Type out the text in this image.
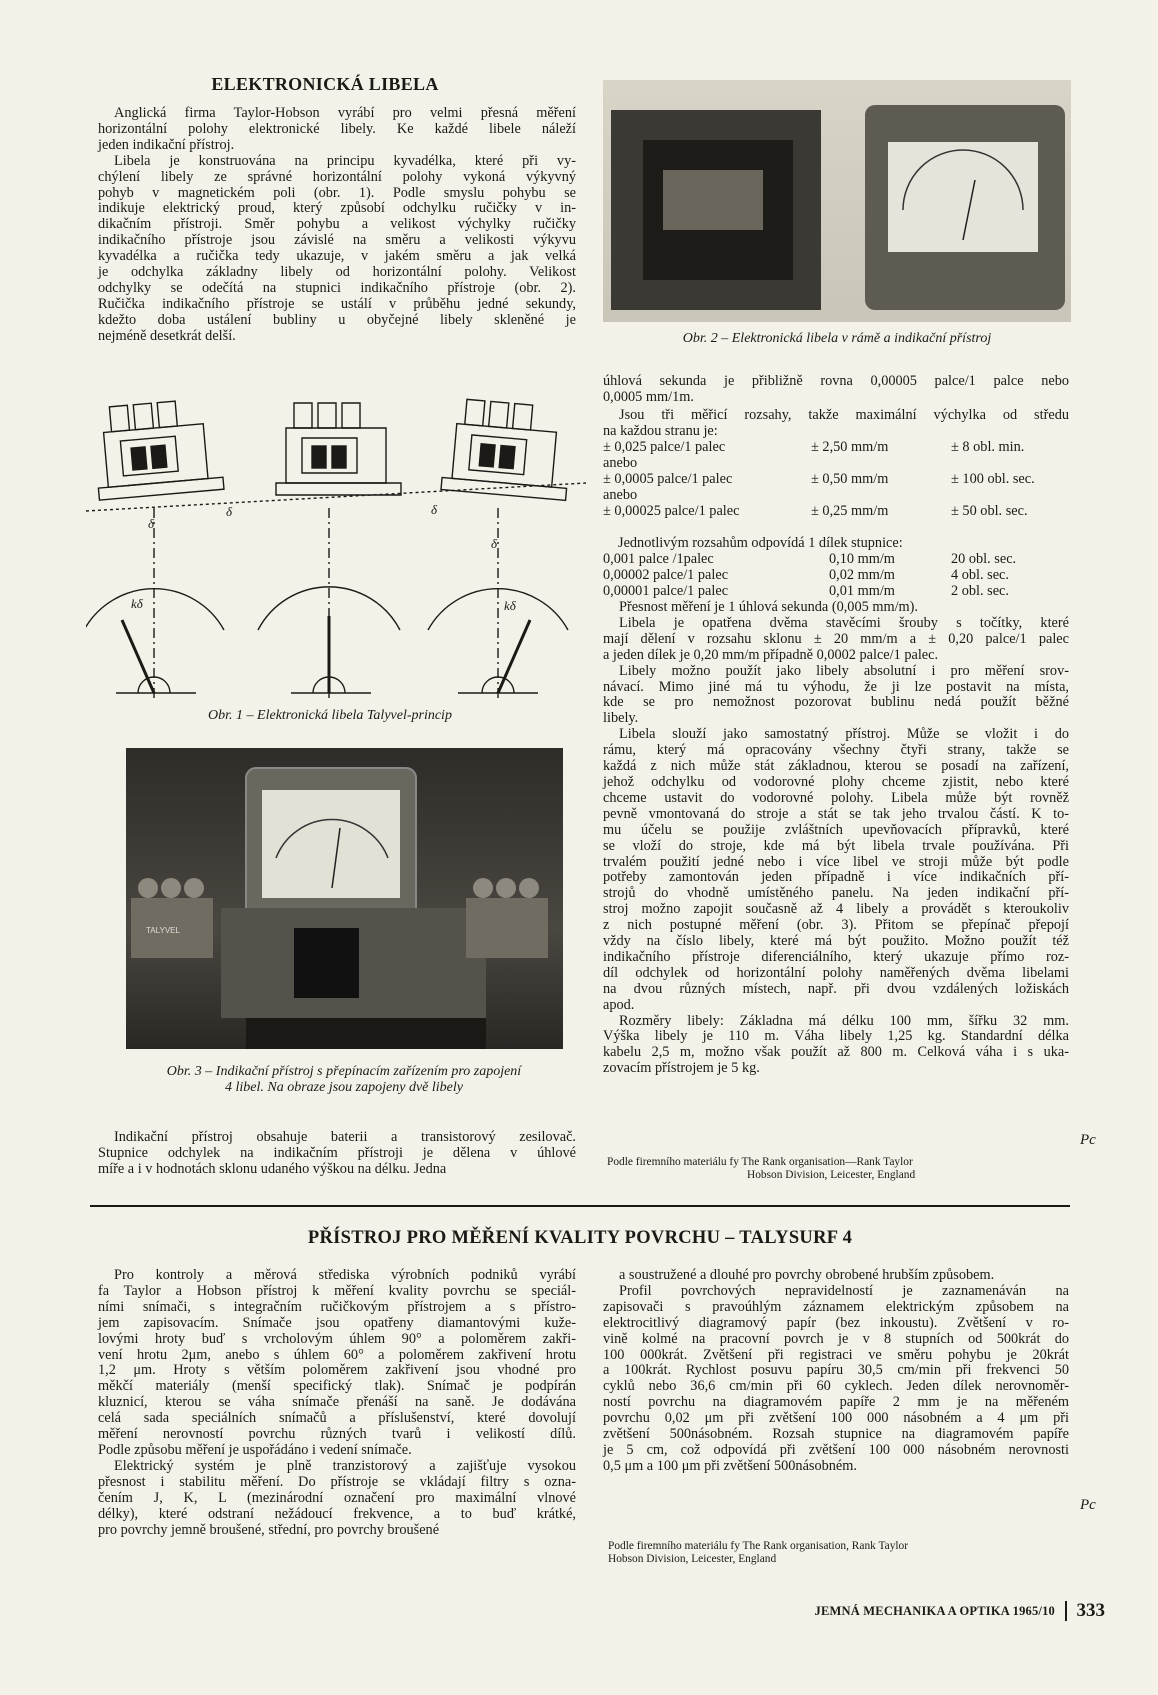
ELEKTRONICKÁ LIBELA
Anglická firma Taylor-Hobson vyrábí pro velmi přesná měření
horizontální polohy elektronické libely. Ke každé libele náleží
jeden indikační přístroj.
Libela je konstruována na principu kyvadélka, které při vy-
chýlení libely ze správné horizontální polohy vykoná výkyvný
pohyb v magnetickém poli (obr. 1). Podle smyslu pohybu se
indikuje elektrický proud, který způsobí odchylku ručičky v in-
dikačním přístroji. Směr pohybu a velikost výchylky ručičky
indikačního přístroje jsou závislé na směru a velikosti výkyvu
kyvadélka a ručička tedy ukazuje, v jakém směru a jak velká
je odchylka základny libely od horizontální polohy. Velikost
odchylky se odečítá na stupnici indikačního přístroje (obr. 2).
Ručička indikačního přístroje se ustálí v průběhu jedné sekundy,
kdežto doba ustálení bubliny u obyčejné libely skleněné je
nejméně desetkrát delší.
δ
δ
δ
δ
kδ	kδ
Obr. 1 – Elektronická libela Talyvel-princip
TALYVEL
Obr. 3 – Indikační přístroj s přepínacím zařízením pro zapojení
4 libel. Na obraze jsou zapojeny dvě libely
Indikační přístroj obsahuje baterii a transistorový zesilovač.
Stupnice odchylek na indikačním přístroji je dělena v úhlové
míře a i v hodnotách sklonu udaného výškou na délku. Jedna
Obr. 2 – Elektronická libela v rámě a indikační přístroj
úhlová sekunda je přibližně rovna 0,00005 palce/1 palce nebo
0,0005 mm/1m.
Jsou tři měřicí rozsahy, takže maximální výchylka od středu
na každou stranu je:
± 0,025 palce/1 palec	± 2,50 mm/m	± 8 obl. min.
anebo		
± 0,0005 palce/1 palec	± 0,50 mm/m	± 100 obl. sec.
anebo		
± 0,00025 palce/1 palec	± 0,25 mm/m	± 50 obl. sec.
Jednotlivým rozsahům odpovídá 1 dílek stupnice:
0,001 palce /1palec	0,10 mm/m	20 obl. sec.
0,00002 palce/1 palec	0,02 mm/m	4 obl. sec.
0,00001 palce/1 palec	0,01 mm/m	2 obl. sec.
Přesnost měření je 1 úhlová sekunda (0,005 mm/m).
Libela je opatřena dvěma stavěcími šrouby s točítky, které
mají dělení v rozsahu sklonu ± 20 mm/m a ± 0,20 palce/1 palec
a jeden dílek je 0,20 mm/m případně 0,0002 palce/1 palec.
Libely možno použít jako libely absolutní i pro měření srov-
návací. Mimo jiné má tu výhodu, že ji lze postavit na místa,
kde se pro nemožnost pozorovat bublinu nedá použít běžné
libely.
Libela slouží jako samostatný přístroj. Může se vložit i do
rámu, který má opracovány všechny čtyři strany, takže se
každá z nich může stát základnou, kterou se posadí na zařízení,
jehož odchylku od vodorovné plohy chceme zjistit, nebo které
chceme ustavit do vodorovné polohy. Libela může být rovněž
pevně vmontovaná do stroje a stát se tak jeho trvalou částí. K to-
mu účelu se použije zvláštních upevňovacích přípravků, které
se vloží do stroje, kde má být libela trvale používána. Při
trvalém použití jedné nebo i více libel ve stroji může být podle
potřeby zamontován jeden případně i více indikačních pří-
strojů do vhodně umístěného panelu. Na jeden indikační pří-
stroj možno zapojit současně až 4 libely a provádět s kteroukoliv
z nich postupné měření (obr. 3). Přitom se přepínač přepojí
vždy na číslo libely, které má být použito. Možno použít též
indikačního přístroje diferenciálního, který ukazuje přímo roz-
díl odchylek od horizontální polohy naměřených dvěma libelami
na dvou různých místech, např. při dvou vzdálených ložiskách
apod.
Rozměry libely: Základna má délku 100 mm, šířku 32 mm.
Výška libely je 110 m. Váha libely 1,25 kg. Standardní délka
kabelu 2,5 m, možno však použít až 800 m. Celková váha i s uka-
zovacím přístrojem je 5 kg.
Pc
Podle firemního materiálu fy The Rank organisation—Rank Taylor
Hobson Division, Leicester, England
PŘÍSTROJ PRO MĚŘENÍ KVALITY POVRCHU – TALYSURF 4
Pro kontroly a měrová střediska výrobních podniků vyrábí
fa Taylor a Hobson přístroj k měření kvality povrchu se speciál-
ními snímači, s integračním ručičkovým přístrojem a s přístro-
jem zapisovacím. Snímače jsou opatřeny diamantovými kuže-
lovými hroty buď s vrcholovým úhlem 90° a poloměrem zakři-
vení hrotu 2μm, anebo s úhlem 60° a poloměrem zakřivení hrotu
1,2 μm. Hroty s větším poloměrem zakřivení jsou vhodné pro
měkčí materiály (menší specifický tlak). Snímač je podpírán
kluznicí, kterou se váha snímače přenáší na saně. Je dodávána
celá sada speciálních snímačů a příslušenství, které dovolují
měření nerovností povrchu různých tvarů i velikostí dílů.
Podle způsobu měření je uspořádáno i vedení snímače.
Elektrický systém je plně tranzistorový a zajišťuje vysokou
přesnost i stabilitu měření. Do přístroje se vkládají filtry s ozna-
čením J, K, L (mezinárodní označení pro maximální vlnové
délky), které odstraní nežádoucí frekvence, a to buď krátké,
pro povrchy jemně broušené, střední, pro povrchy broušené
a soustružené a dlouhé pro povrchy obrobené hrubším způsobem.
Profil povrchových nepravidelností je zaznamenáván na
zapisovači s pravoúhlým záznamem elektrickým způsobem na
elektrocitlivý diagramový papír (bez inkoustu). Zvětšení v ro-
vině kolmé na pracovní povrch je v 8 stupních od 500krát do
100 000krát. Zvětšení při registraci ve směru pohybu je 20krát
a 100krát. Rychlost posuvu papíru 30,5 cm/min při frekvenci 50
cyklů nebo 36,6 cm/min při 60 cyklech. Jeden dílek nerovnoměr-
ností povrchu na diagramovém papíře 2 mm je na měřeném
povrchu 0,02 μm při zvětšení 100 000 násobném a 4 μm při
zvětšení 500násobném. Rozsah stupnice na diagramovém papíře
je 5 cm, což odpovídá při zvětšení 100 000 násobném nerovnosti
0,5 μm a 100 μm při zvětšení 500násobném.
Pc
Podle firemního materiálu fy The Rank organisation, Rank Taylor
Hobson Division, Leicester, England
JEMNÁ MECHANIKA A OPTIKA 1965/10 333
